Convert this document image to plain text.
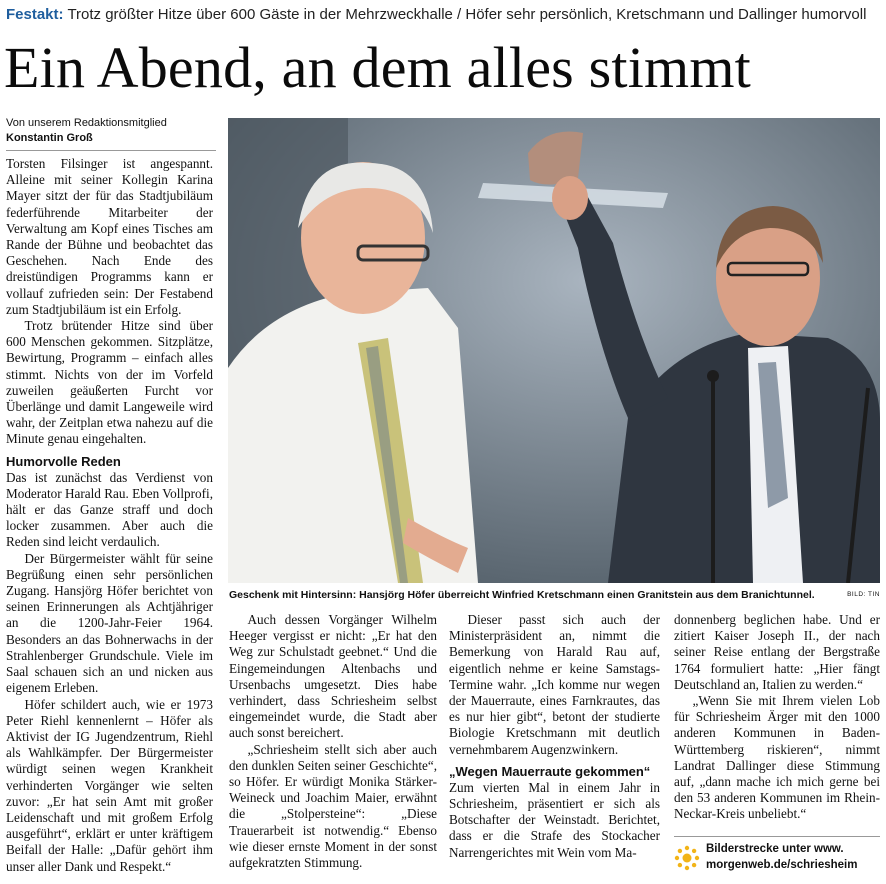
Festakt: Trotz größter Hitze über 600 Gäste in der Mehrzweckhalle / Höfer sehr persönlich, Kretschmann und Dallinger humorvoll
Ein Abend, an dem alles stimmt
Von unserem Redaktionsmitglied
Konstantin Groß

Torsten Filsinger ist angespannt. Alleine mit seiner Kollegin Karina Mayer sitzt der für das Stadtjubiläum federführende Mitarbeiter der Verwaltung am Kopf eines Tisches am Rande der Bühne und beobachtet das Geschehen. Nach Ende des dreistündigen Programms kann er vollauf zufrieden sein: Der Festabend zum Stadtjubiläum ist ein Erfolg.

Trotz brütender Hitze sind über 600 Menschen gekommen. Sitzplätze, Bewirtung, Programm – einfach alles stimmt. Nichts von der im Vorfeld zuweilen geäußerten Furcht vor Überlänge und damit Langeweile wird wahr, der Zeitplan etwa nahezu auf die Minute genau eingehalten.

Humorvolle Reden

Das ist zunächst das Verdienst von Moderator Harald Rau. Eben Vollprofi, hält er das Ganze straff und doch locker zusammen. Aber auch die Reden sind leicht verdaulich.

Der Bürgermeister wählt für seine Begrüßung einen sehr persönlichen Zugang. Hansjörg Höfer berichtet von seinen Erinnerungen als Achtjähriger an die 1200-Jahr-Feier 1964. Besonders an das Bohnerwachs in der Strahlenberger Grundschule. Viele im Saal schauen sich an und nicken aus eigenem Erleben.

Höfer schildert auch, wie er 1973 Peter Riehl kennenlernt – Höfer als Aktivist der IG Jugendzentrum, Riehl als Wahlkämpfer. Der Bürgermeister würdigt seinen wegen Krankheit verhinderten Vorgänger wie selten zuvor: „Er hat sein Amt mit großer Leidenschaft und mit großem Erfolg ausgeführt“, erklärt er unter kräftigem Beifall der Halle: „Dafür gehört ihm unser aller Dank und Respekt.“

Geschenk mit Hintersinn: Hansjörg Höfer überreicht Winfried Kretschmann einen Granitstein aus dem Branichtunnel.	BILD: TIN

Auch dessen Vorgänger Wilhelm Heeger vergisst er nicht: „Er hat den Weg zur Schulstadt geebnet.“ Und die Eingemeindungen Altenbachs und Ursenbachs umgesetzt. Dies habe verhindert, dass Schriesheim selbst eingemeindet wurde, die Stadt aber auch sonst bereichert.

„Schriesheim stellt sich aber auch den dunklen Seiten seiner Geschichte“, so Höfer. Er würdigt Monika Stärker-Weineck und Joachim Maier, erwähnt die „Stolpersteine“: „Diese Trauerarbeit ist notwendig.“ Ebenso wie dieser ernste Moment in der sonst aufgekratzten Stimmung.

Dieser passt sich auch der Ministerpräsident an, nimmt die Bemerkung von Harald Rau auf, eigentlich nehme er keine Samstags-Termine wahr. „Ich komme nur wegen der Mauerraute, eines Farnkrautes, das es nur hier gibt“, betont der studierte Biologie Kretschmann mit deutlich vernehmbarem Augenzwinkern.

„Wegen Mauerraute gekommen“

Zum vierten Mal in einem Jahr in Schriesheim, präsentiert er sich als Botschafter der Weinstadt. Berichtet, dass er die Strafe des Stockacher Narrengerichtes mit Wein vom Ma-

donnenberg beglichen habe. Und er zitiert Kaiser Joseph II., der nach seiner Reise entlang der Bergstraße 1764 formuliert hatte: „Hier fängt Deutschland an, Italien zu werden.“

„Wenn Sie mit Ihrem vielen Lob für Schriesheim Ärger mit den 1000 anderen Kommunen in Baden-Württemberg riskieren“, nimmt Landrat Dallinger diese Stimmung auf, „dann mache ich mich gerne bei den 53 anderen Kommunen im Rhein-Neckar-Kreis unbeliebt.“

Bilderstrecke unter www.
morgenweb.de/schriesheim
